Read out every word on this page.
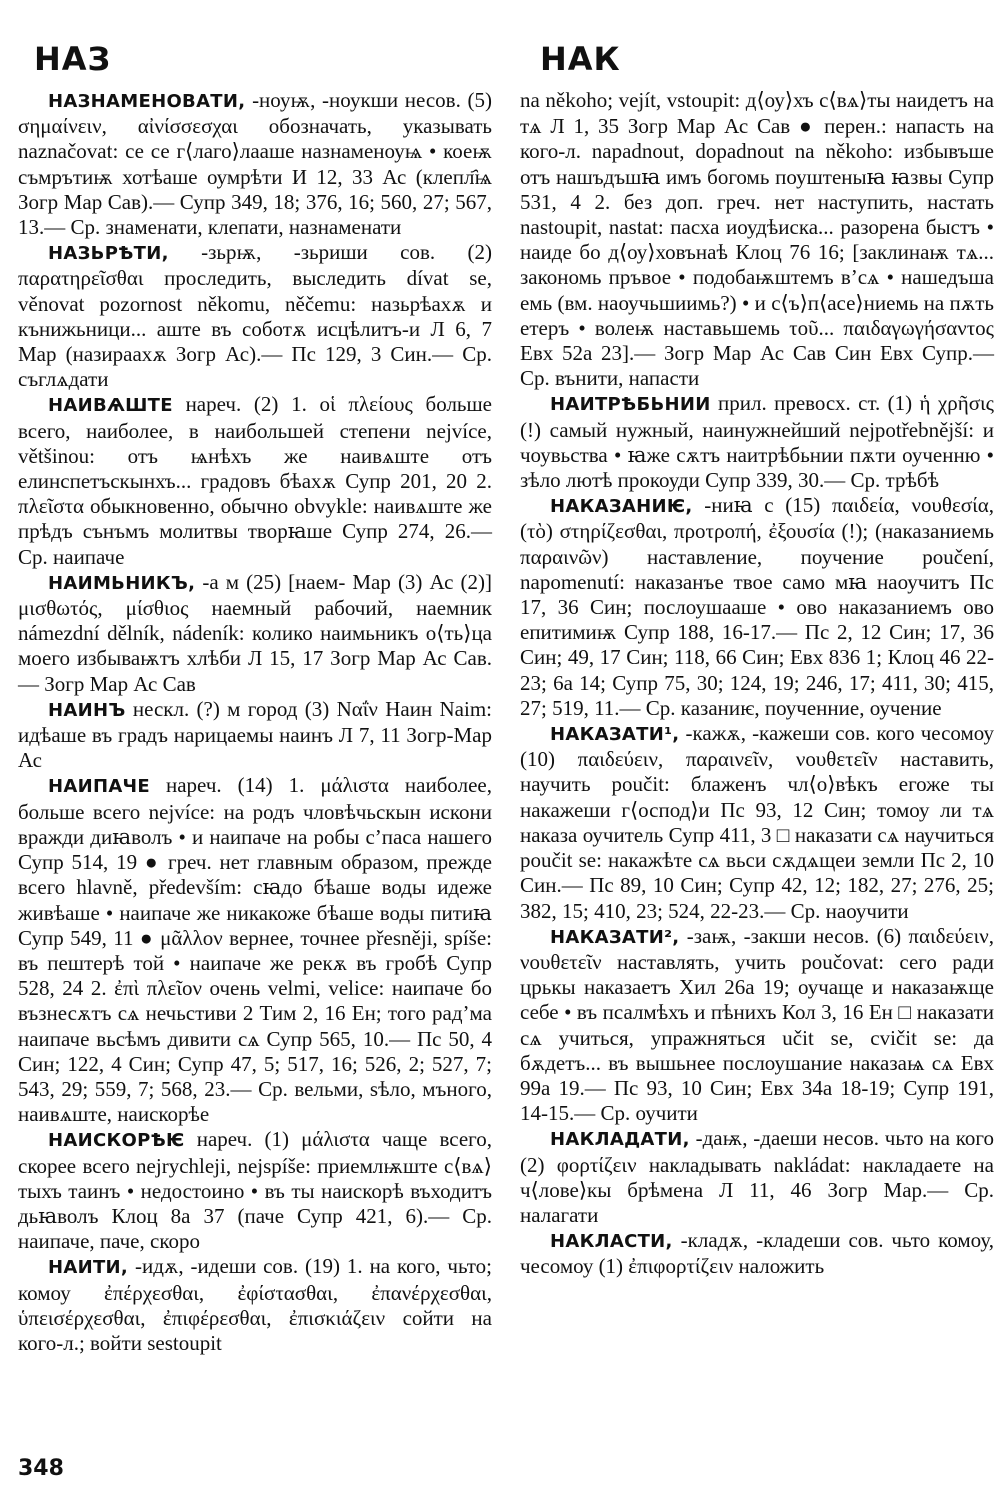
НАЗ	НАК

НАЗНАМЕНОВАТИ, -ноуѭ, -ноукши несов. (5) σημαίνειν, αἰνίσσεσχαι обозначать, указывать naznačovat: се се г⟨лаго⟩лааше назнаменоуѩ • коеѭ съмрътиѭ хотѣаше оумрѣти И 12, 33 Ас (клепл҄ѩ Зогр Мар Сав).— Супр 349, 18; 376, 16; 560, 27; 567, 13.— Ср. знаменати, клепати, назнаменати

НАЗЬРѢТИ, -зьрѭ, -зьриши сов. (2) παρατηρεῖσθαι проследить, выследить dívat se, věnovat pozornost někomu, něčemu: назьрѣахѫ и кънижьници... аште въ соботѫ исцѣлитъ-и Л 6, 7 Мар (назираахѫ Зогр Ас).— Пс 129, 3 Син.— Ср. съглѧдати

НАИВѦШТЕ нареч. (2) 1. οἱ πλείους больше всего, наиболее, в наибольшей степени nejvíce, většinou: отъ ѩнѣхъ же наивѧште отъ елинспетъскынхъ... градовъ бѣахѫ Супр 201, 20 2. πλεῖστα обыкновенно, обычно obvykle: наивѧште же прѣдъ сънъмъ молитвы творꙗше Супр 274, 26.— Ср. наипаче

НАИМЬНИКЪ, -а м (25) [наем- Мар (3) Ас (2)] μισθωτός, μίσθιος наемный рабочий, наемник námezdní dělník, nádeník: колико наимьникъ о⟨ть⟩ца моего избываѭтъ хлѣби Л 15, 17 Зогр Мар Ас Сав.— Зогр Мар Ас Сав

НАИНЪ нескл. (?) м город (3) Ναΐν Наин Naim: идѣаше въ градъ нарицаемы наинъ Л 7, 11 Зогр-Мар Ас

НАИПАЧЕ нареч. (14) 1. μάλιστα наиболее, больше всего nejvíce: на родъ чловѣчьскын искони вражди диꙗволъ • и наипаче на робы с’паса нашего Супр 514, 19 ● греч. нет главным образом, прежде всего hlavně, především: сꙗдо бѣаше воды идеже живѣаше • наипаче же никакоже бѣаше воды питиꙗ Супр 549, 11 ● μᾶλλον вернее, точнее přesněji, spíše: въ пештерѣ той • наипаче же рекѫ въ гробѣ Супр 528, 24 2. ἐπὶ πλεῖον очень velmi, velice: наипаче бо възнесѫтъ сѧ нечьстиви 2 Тим 2, 16 Ен; того рад’ма наипаче вьсѣмъ дивити сѧ Супр 565, 10.— Пс 50, 4 Син; 122, 4 Син; Супр 47, 5; 517, 16; 526, 2; 527, 7; 543, 29; 559, 7; 568, 23.— Ср. вельми, ѕѣло, мъного, наивѧште, наискорѣе

НАИСКОРѢѤ нареч. (1) μάλιστα чаще всего, скорее всего nejrychleji, nejspíše: приемлѭште с⟨вѧ⟩тыхъ таинъ • недостоино • въ ты наискорѣ въходитъ дьꙗволъ Клоц 8а 37 (паче Супр 421, 6).— Ср. наипаче, паче, скоро

НАИТИ, -идѫ, -идеши сов. (19) 1. на кого, чьто; комоу ἐπέρχεσθαι, ἐφίστασθαι, ἐπανέρχεσθαι, ὑπεισέρχεσθαι, ἐπιφέρεσθαι, ἐπισκιάζειν сойти на кого-л.; войти sestoupit

na někoho; vejít, vstoupit: д⟨оу⟩хъ с⟨вѧ⟩ты наидетъ на тѧ Л 1, 35 Зогр Мар Ас Сав ● перен.: напасть на кого-л. napadnout, dopadnout na někoho: избывъше отъ нашъдъшꙗ имъ богомь поуштеныꙗ ꙗзвы Супр 531, 4 2. без доп. греч. нет наступить, настать nastoupit, nastat: пасха иоудѣиска... разорена быстъ • наиде бо д⟨оу⟩ховънаѣ Клоц 76 16; [заклинаѭ тѧ... закономь пръвое • подобаѭштемъ в’сѧ • нашедъша емь (вм. наоучьшиимь?) • и с⟨ъ⟩п⟨асе⟩ниемь на пѫть етеръ • волеѭ наставьшемь τοῦ... παιδαγωγήσαντος Евх 52а 23].— Зогр Мар Ас Сав Син Евх Супр.— Ср. вънити, напасти

НАИТРѢБЬНИИ прил. превосх. ст. (1) ἡ χρῆσις (!) самый нужный, наинужнейший nejpotřebnější: и чоувьства • ꙗже сѫтъ наитрѣбьнии пѫти оученню • зѣло лютѣ прокоуди Супр 339, 30.— Ср. трѣбѣ

НАКАЗАНИѤ, -ниꙗ с (15) παιδεία, νουθεσία, (τὸ) στηρίζεσθαι, προτροπή, ἐξουσία (!); (наказаниемь παραινῶν) наставление, поучение poučení, napomenutí: наказанъе твое само мꙗ наоучитъ Пс 17, 36 Син; послоушааше • ово наказаниемъ ово епитимиѭ Супр 188, 16-17.— Пс 2, 12 Син; 17, 36 Син; 49, 17 Син; 118, 66 Син; Евх 836 1; Клоц 46 22-23; 6а 14; Супр 75, 30; 124, 19; 246, 17; 411, 30; 415, 27; 519, 11.— Ср. казаниѥ, поученние, оучение

НАКАЗАТИ¹, -кажѫ, -кажеши сов. кого чесомоу (10) παιδεύειν, παραινεῖν, νουθετεῖν наставить, научить poučit: блаженъ чл⟨о⟩вѣкъ егоже ты накажеши г⟨оспод⟩и Пс 93, 12 Син; томоу ли тѧ наказа оучитель Супр 411, 3 □ наказати сѧ научиться poučit se: накажѣте сѧ вьси сѫдѧщеи земли Пс 2, 10 Син.— Пс 89, 10 Син; Супр 42, 12; 182, 27; 276, 25; 382, 15; 410, 23; 524, 22-23.— Ср. наоучити

НАКАЗАТИ², -заѭ, -закши несов. (6) παιδεύειν, νουθετεῖν наставлять, учить poučovat: сего ради црькы наказаетъ Хил 26а 19; оучаще и наказаѭще себе • въ псалмѣхъ и пѣнихъ Кол 3, 16 Ен □ наказати сѧ учиться, упражняться učit se, cvičit se: да бѫдетъ... въ вышьнее послоушание наказаѩ сѧ Евх 99а 19.— Пс 93, 10 Син; Евх 34а 18-19; Супр 191, 14-15.— Ср. оучити

НАКЛАДАТИ, -даѭ, -даеши несов. чьто на кого (2) φορτίζειν накладывать nakládat: накладаете на ч⟨лове⟩кы брѣмена Л 11, 46 Зогр Мар.— Ср. налагати

НАКЛАСТИ, -кладѫ, -кладеши сов. чьто комоу, чесомоу (1) ἐπιφορτίζειν наложить

348
